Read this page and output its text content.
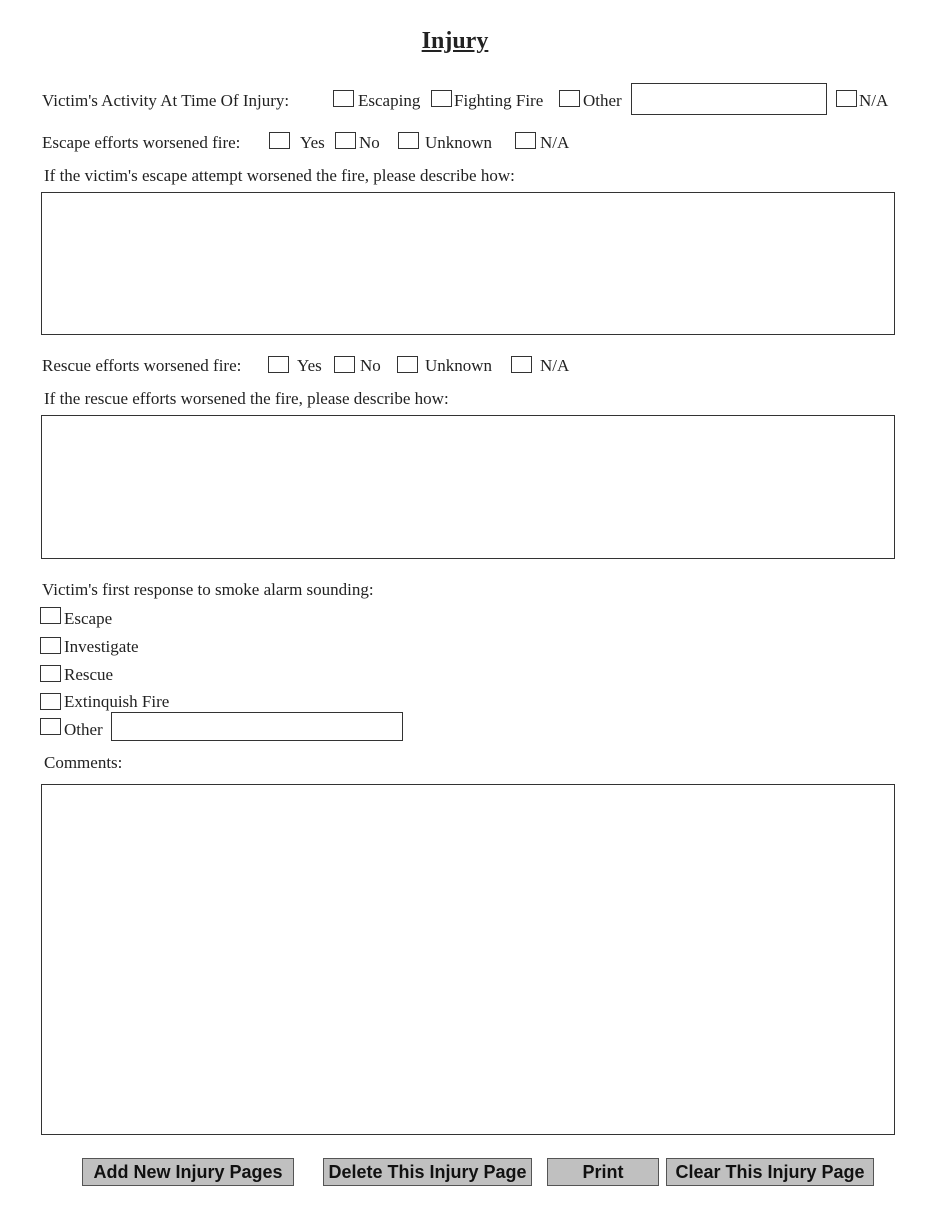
Injury
Victim's Activity At Time Of Injury:	Escaping Fighting Fire Other	N/A
Escape efforts worsened fire:	Yes No	Unknown	N/A
If the victim's escape attempt worsened the fire, please describe how:
Rescue efforts worsened fire:	Yes No	Unknown	N/A
If the rescue efforts worsened the fire, please describe how:
Victim's first response to smoke alarm sounding:
Escape
Investigate
Rescue
Extinquish Fire
Other
Comments:
Add New Injury Pages	Delete This Injury Page	Print	Clear This Injury Page
